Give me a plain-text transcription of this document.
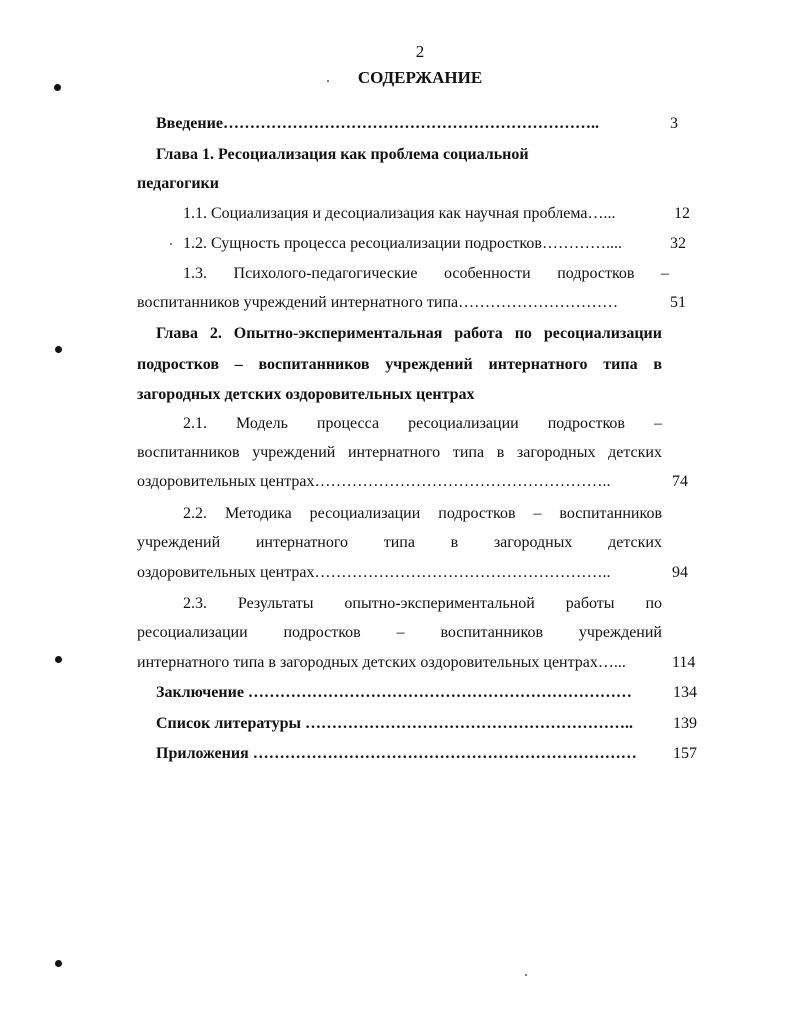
2
СОДЕРЖАНИЕ
Введение……………………………………………………………..	3
Глава 1. Ресоциализация как проблема социальной
педагогики
1.1. Социализация и десоциализация как научная проблема…...	12
1.2. Сущность процесса ресоциализации подростков…………....	32
1.3. Психолого-педагогические особенности подростков –
воспитанников учреждений интернатного типа…………………………	51
Глава 2. Опытно-экспериментальная работа по ресоциализации
подростков – воспитанников учреждений интернатного типа в
загородных детских оздоровительных центрах
2.1. Модель процесса ресоциализации подростков –
воспитанников учреждений интернатного типа в загородных детских
оздоровительных центрах………………………………………………..	74
2.2. Методика ресоциализации подростков – воспитанников
учреждений интернатного типа в загородных детских
оздоровительных центрах………………………………………………..	94
2.3. Результаты опытно-экспериментальной работы по
ресоциализации подростков – воспитанников учреждений
интернатного типа в загородных детских оздоровительных центрах…...	114
Заключение ………………………………………………………………	134
Список литературы ……………………………………………………..	139
Приложения ……………………………………………………………… 157
